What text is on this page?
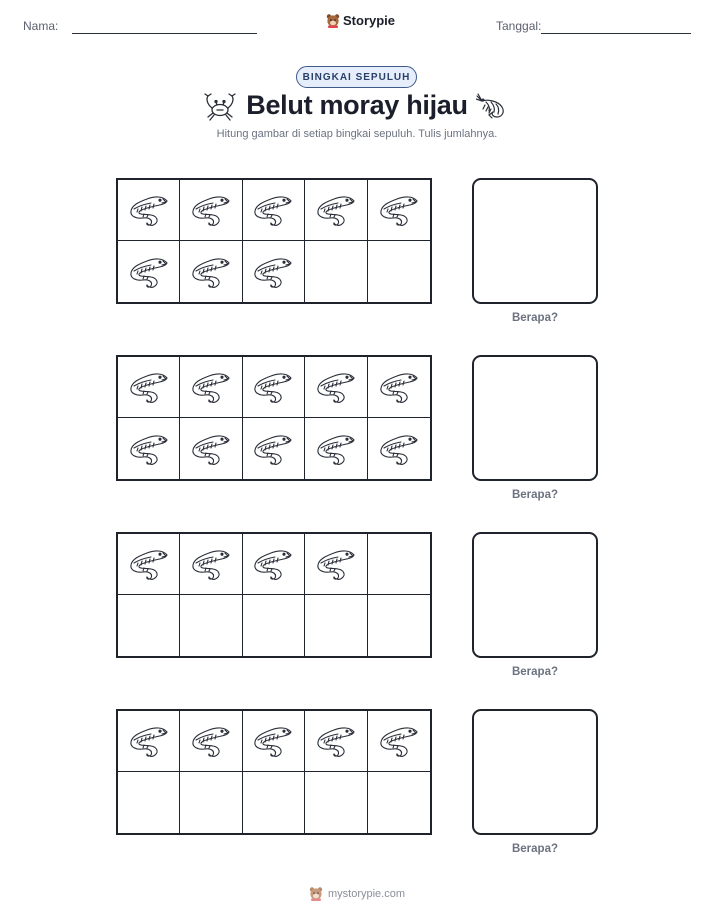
Nama:	Storypie	Tanggal:
BINGKAI SEPULUH
Belut moray hijau
Hitung gambar di setiap bingkai sepuluh. Tulis jumlahnya.
Berapa?
Berapa?
Berapa?
Berapa?
mystorypie.com
